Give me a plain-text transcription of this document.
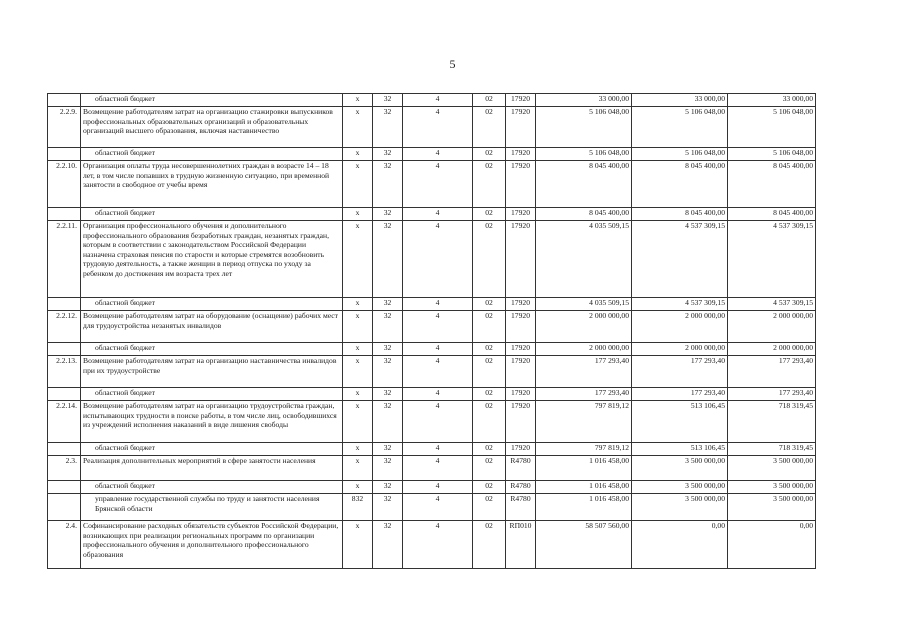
5
	областной бюджет	x	32	4	02	17920	33 000,00	33 000,00	33 000,00
2.2.9.	Возмещение работодателям затрат на организацию стажировки выпускников профессиональных образовательных организаций и образовательных организаций высшего образования, включая наставничество	x	32	4	02	17920	5 106 048,00	5 106 048,00	5 106 048,00
	областной бюджет	x	32	4	02	17920	5 106 048,00	5 106 048,00	5 106 048,00
2.2.10.	Организация оплаты труда несовершеннолетних граждан в возрасте 14 – 18 лет, в том числе попавших в трудную жизненную ситуацию, при временной занятости в свободное от учебы время	x	32	4	02	17920	8 045 400,00	8 045 400,00	8 045 400,00
	областной бюджет	x	32	4	02	17920	8 045 400,00	8 045 400,00	8 045 400,00
2.2.11.	Организация профессионального обучения и дополнительного профессионального образования безработных граждан, незанятых граждан, которым в соответствии с законодательством Российской Федерации назначена страховая пенсия по старости и которые стремятся возобновить трудовую деятельность, а также женщин в период отпуска по уходу за ребенком до достижения им возраста трех лет	x	32	4	02	17920	4 035 509,15	4 537 309,15	4 537 309,15
	областной бюджет	x	32	4	02	17920	4 035 509,15	4 537 309,15	4 537 309,15
2.2.12.	Возмещение работодателям затрат на оборудование (оснащение) рабочих мест для трудоустройства незанятых инвалидов	x	32	4	02	17920	2 000 000,00	2 000 000,00	2 000 000,00
	областной бюджет	x	32	4	02	17920	2 000 000,00	2 000 000,00	2 000 000,00
2.2.13.	Возмещение работодателям затрат на организацию наставничества инвалидов при их трудоустройстве	x	32	4	02	17920	177 293,40	177 293,40	177 293,40
	областной бюджет	x	32	4	02	17920	177 293,40	177 293,40	177 293,40
2.2.14.	Возмещение работодателям затрат на организацию трудоустройства граждан, испытывающих трудности в поиске работы, в том числе лиц, освободившихся из учреждений исполнения наказаний в виде лишения свободы	x	32	4	02	17920	797 819,12	513 106,45	718 319,45
	областной бюджет	x	32	4	02	17920	797 819,12	513 106,45	718 319,45
2.3.	Реализация дополнительных мероприятий в сфере занятости населения	x	32	4	02	R4780	1 016 458,00	3 500 000,00	3 500 000,00
	областной бюджет	x	32	4	02	R4780	1 016 458,00	3 500 000,00	3 500 000,00
	управление государственной службы по труду и занятости населения Брянской области	832	32	4	02	R4780	1 016 458,00	3 500 000,00	3 500 000,00
2.4.	Софинансирование расходных обязательств субъектов Российской Федерации, возникающих при реализации региональных программ по организации профессионального обучения и дополнительного профессионального образования	x	32	4	02	RП010	58 507 560,00	0,00	0,00
